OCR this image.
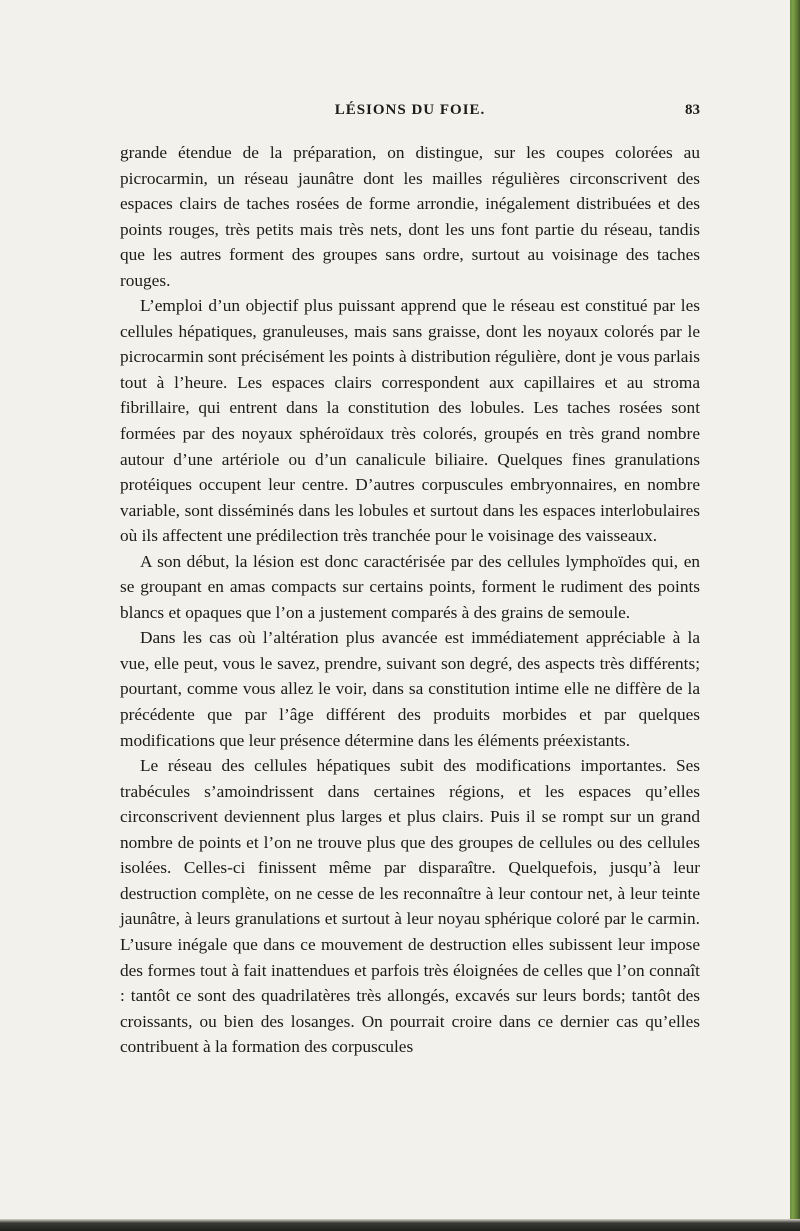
LÉSIONS DU FOIE.	83

grande étendue de la préparation, on distingue, sur les coupes colorées au picrocarmin, un réseau jaunâtre dont les mailles régulières circonscrivent des espaces clairs de taches rosées de forme arrondie, inégalement distribuées et des points rouges, très petits mais très nets, dont les uns font partie du réseau, tandis que les autres forment des groupes sans ordre, surtout au voisinage des taches rouges.

L’emploi d’un objectif plus puissant apprend que le réseau est constitué par les cellules hépatiques, granuleuses, mais sans graisse, dont les noyaux colorés par le picrocarmin sont précisément les points à distribution régulière, dont je vous parlais tout à l’heure. Les espaces clairs correspondent aux capillaires et au stroma fibrillaire, qui entrent dans la constitution des lobules. Les taches rosées sont formées par des noyaux sphéroïdaux très colorés, groupés en très grand nombre autour d’une artériole ou d’un canalicule biliaire. Quelques fines granulations protéiques occupent leur centre. D’autres corpuscules embryonnaires, en nombre variable, sont disséminés dans les lobules et surtout dans les espaces interlobulaires où ils affectent une prédilection très tranchée pour le voisinage des vaisseaux.

A son début, la lésion est donc caractérisée par des cellules lymphoïdes qui, en se groupant en amas compacts sur certains points, forment le rudiment des points blancs et opaques que l’on a justement comparés à des grains de semoule.

Dans les cas où l’altération plus avancée est immédiatement appréciable à la vue, elle peut, vous le savez, prendre, suivant son degré, des aspects très différents; pourtant, comme vous allez le voir, dans sa constitution intime elle ne diffère de la précédente que par l’âge différent des produits morbides et par quelques modifications que leur présence détermine dans les éléments préexistants.

Le réseau des cellules hépatiques subit des modifications importantes. Ses trabécules s’amoindrissent dans certaines régions, et les espaces qu’elles circonscrivent deviennent plus larges et plus clairs. Puis il se rompt sur un grand nombre de points et l’on ne trouve plus que des groupes de cellules ou des cellules isolées. Celles-ci finissent même par disparaître. Quelquefois, jusqu’à leur destruction complète, on ne cesse de les reconnaître à leur contour net, à leur teinte jaunâtre, à leurs granulations et surtout à leur noyau sphérique coloré par le carmin. L’usure inégale que dans ce mouvement de destruction elles subissent leur impose des formes tout à fait inattendues et parfois très éloignées de celles que l’on connaît : tantôt ce sont des quadrilatères très allongés, excavés sur leurs bords; tantôt des croissants, ou bien des losanges. On pourrait croire dans ce dernier cas qu’elles contribuent à la formation des corpuscules
